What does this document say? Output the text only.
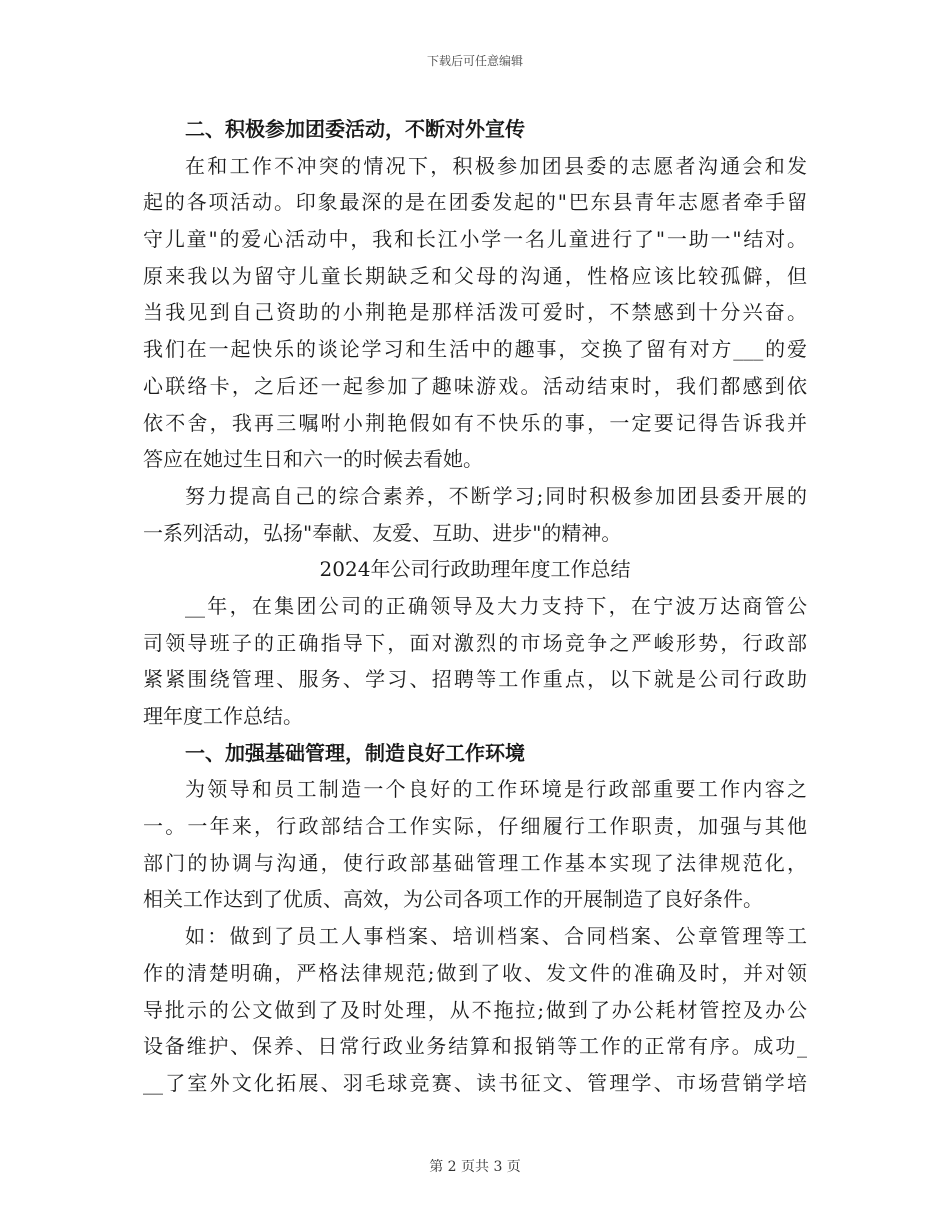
下载后可任意编辑
二、积极参加团委活动，不断对外宣传
在和工作不冲突的情况下，积极参加团县委的志愿者沟通会和发
起的各项活动。印象最深的是在团委发起的"巴东县青年志愿者牵手留
守儿童"的爱心活动中，我和长江小学一名儿童进行了"一助一"结对。
原来我以为留守儿童长期缺乏和父母的沟通，性格应该比较孤僻，但
当我见到自己资助的小荆艳是那样活泼可爱时，不禁感到十分兴奋。
我们在一起快乐的谈论学习和生活中的趣事，交换了留有对方___的爱
心联络卡，之后还一起参加了趣味游戏。活动结束时，我们都感到依
依不舍，我再三嘱咐小荆艳假如有不快乐的事，一定要记得告诉我并
答应在她过生日和六一的时候去看她。
努力提高自己的综合素养，不断学习;同时积极参加团县委开展的
一系列活动，弘扬"奉献、友爱、互助、进步"的精神。
2024年公司行政助理年度工作总结
__年，在集团公司的正确领导及大力支持下，在宁波万达商管公
司领导班子的正确指导下，面对激烈的市场竞争之严峻形势，行政部
紧紧围绕管理、服务、学习、招聘等工作重点，以下就是公司行政助
理年度工作总结。
一、加强基础管理，制造良好工作环境
为领导和员工制造一个良好的工作环境是行政部重要工作内容之
一。一年来，行政部结合工作实际，仔细履行工作职责，加强与其他
部门的协调与沟通，使行政部基础管理工作基本实现了法律规范化，
相关工作达到了优质、高效，为公司各项工作的开展制造了良好条件。
如：做到了员工人事档案、培训档案、合同档案、公章管理等工
作的清楚明确，严格法律规范;做到了收、发文件的准确及时，并对领
导批示的公文做到了及时处理，从不拖拉;做到了办公耗材管控及办公
设备维护、保养、日常行政业务结算和报销等工作的正常有序。成功_
__了室外文化拓展、羽毛球竞赛、读书征文、管理学、市场营销学培
第 2 页共 3 页
